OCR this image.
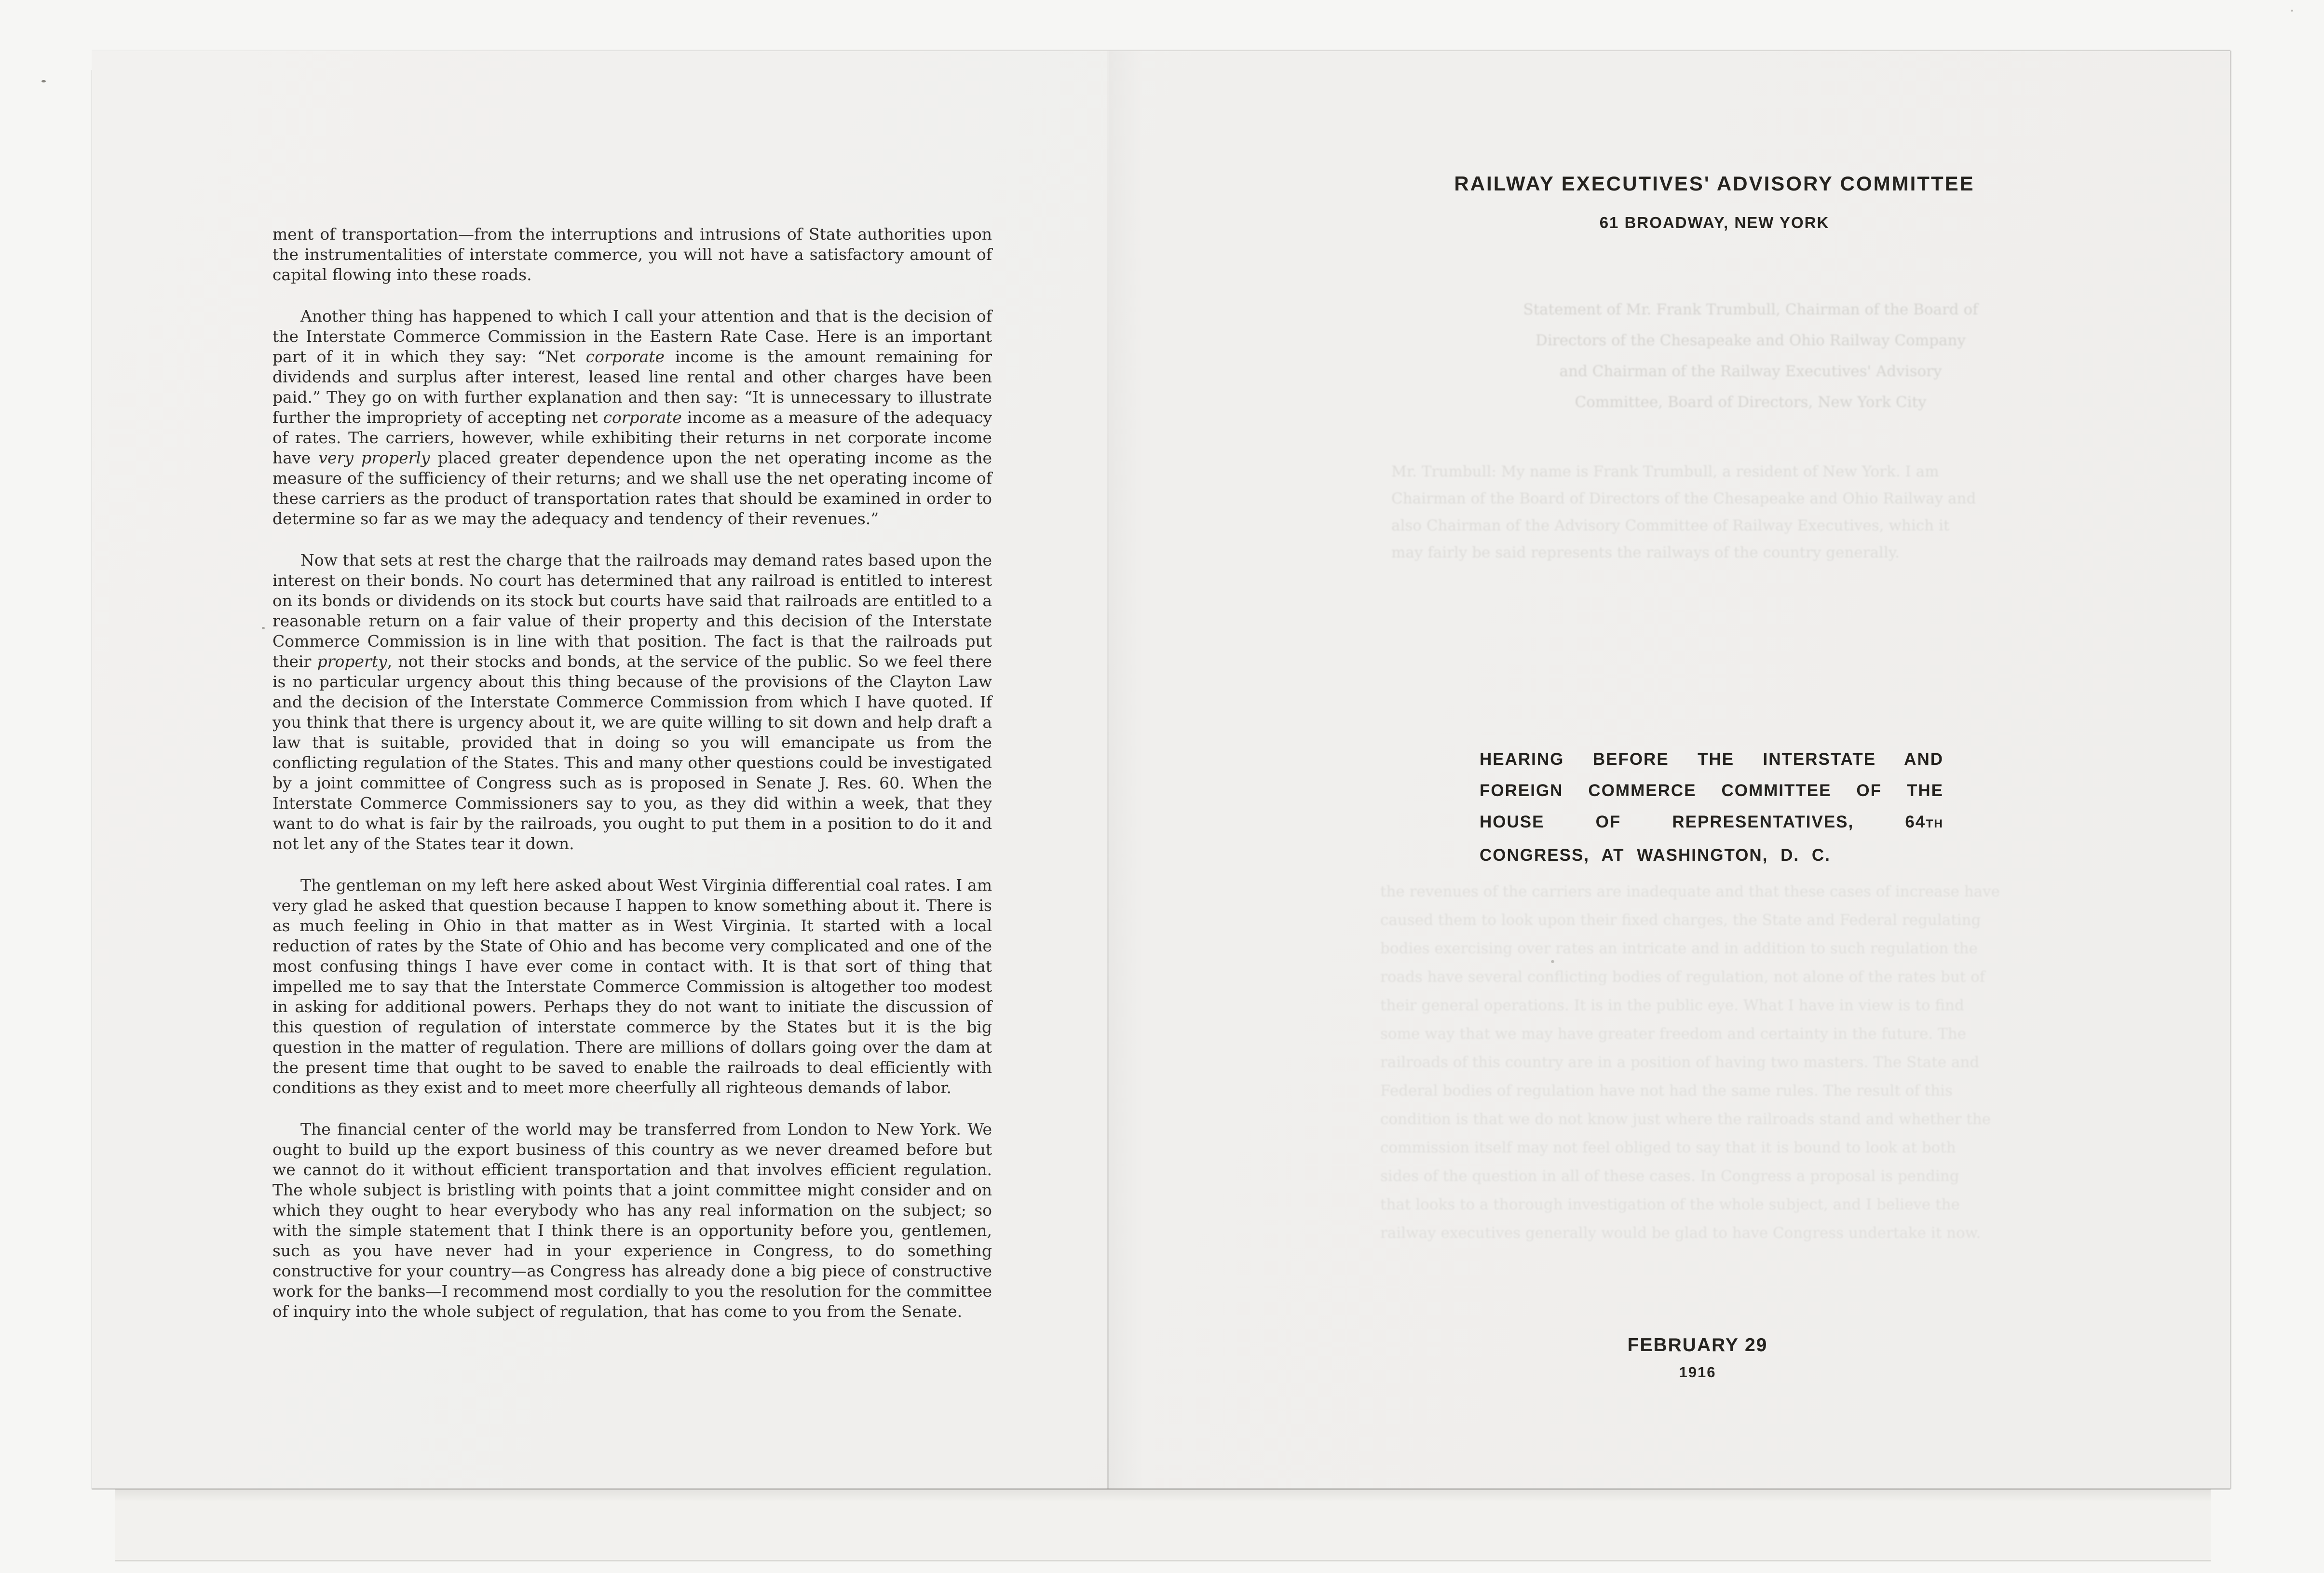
ment of transportation—from the interruptions and intrusions of State authorities upon the instrumentalities of interstate commerce, you will not have a satisfactory amount of capital flowing into these roads.

Another thing has happened to which I call your attention and that is the decision of the Interstate Commerce Commission in the Eastern Rate Case. Here is an important part of it in which they say: “Net corporate income is the amount remaining for dividends and surplus after interest, leased line rental and other charges have been paid.” They go on with further explanation and then say: “It is unnecessary to illustrate further the impropriety of accepting net corporate income as a measure of the adequacy of rates. The carriers, however, while exhibiting their returns in net corporate income have very properly placed greater dependence upon the net operating income as the measure of the sufficiency of their returns; and we shall use the net operating income of these carriers as the product of transportation rates that should be examined in order to determine so far as we may the adequacy and tendency of their revenues.”

Now that sets at rest the charge that the railroads may demand rates based upon the interest on their bonds. No court has determined that any railroad is entitled to interest on its bonds or dividends on its stock but courts have said that railroads are entitled to a reasonable return on a fair value of their property and this decision of the Interstate Commerce Commission is in line with that position. The fact is that the railroads put their property, not their stocks and bonds, at the service of the public. So we feel there is no particular urgency about this thing because of the provisions of the Clayton Law and the decision of the Interstate Commerce Commission from which I have quoted. If you think that there is urgency about it, we are quite willing to sit down and help draft a law that is suitable, provided that in doing so you will emancipate us from the conflicting regulation of the States. This and many other questions could be investigated by a joint committee of Congress such as is proposed in Senate J. Res. 60. When the Interstate Commerce Commissioners say to you, as they did within a week, that they want to do what is fair by the railroads, you ought to put them in a position to do it and not let any of the States tear it down.

The gentleman on my left here asked about West Virginia differential coal rates. I am very glad he asked that question because I happen to know something about it. There is as much feeling in Ohio in that matter as in West Virginia. It started with a local reduction of rates by the State of Ohio and has become very complicated and one of the most confusing things I have ever come in contact with. It is that sort of thing that impelled me to say that the Interstate Commerce Commission is altogether too modest in asking for additional powers. Perhaps they do not want to initiate the discussion of this question of regulation of interstate commerce by the States but it is the big question in the matter of regulation. There are millions of dollars going over the dam at the present time that ought to be saved to enable the railroads to deal efficiently with conditions as they exist and to meet more cheerfully all righteous demands of labor.

The financial center of the world may be transferred from London to New York. We ought to build up the export business of this country as we never dreamed before but we cannot do it without efficient transportation and that involves efficient regulation. The whole subject is bristling with points that a joint committee might consider and on which they ought to hear everybody who has any real information on the subject; so with the simple statement that I think there is an opportunity before you, gentlemen, such as you have never had in your experience in Congress, to do something constructive for your country—as Congress has already done a big piece of constructive work for the banks—I recommend most cordially to you the resolution for the committee of inquiry into the whole subject of regulation, that has come to you from the Senate.

Statement of Mr. Frank Trumbull, Chairman of the Board of
Directors of the Chesapeake and Ohio Railway Company
and Chairman of the Railway Executives' Advisory
Committee, Board of Directors, New York City
Mr. Trumbull: My name is Frank Trumbull, a resident of New York. I am
Chairman of the Board of Directors of the Chesapeake and Ohio Railway and
also Chairman of the Advisory Committee of Railway Executives, which it
may fairly be said represents the railways of the country generally.
the revenues of the carriers are inadequate and that these cases of increase have
caused them to look upon their fixed charges, the State and Federal regulating
bodies exercising over rates an intricate and in addition to such regulation the
roads have several conflicting bodies of regulation, not alone of the rates but of
their general operations. It is in the public eye. What I have in view is to find
some way that we may have greater freedom and certainty in the future. The
railroads of this country are in a position of having two masters. The State and
Federal bodies of regulation have not had the same rules. The result of this
condition is that we do not know just where the railroads stand and whether the
commission itself may not feel obliged to say that it is bound to look at both
sides of the question in all of these cases. In Congress a proposal is pending
that looks to a thorough investigation of the whole subject, and I believe the
railway executives generally would be glad to have Congress undertake it now.
RAILWAY EXECUTIVES' ADVISORY COMMITTEE
61 BROADWAY, NEW YORK
HEARING BEFORE THE INTERSTATE AND
FOREIGN COMMERCE COMMITTEE OF THE
HOUSE OF REPRESENTATIVES, 64TH
CONGRESS, AT WASHINGTON, D. C.
FEBRUARY 29
1916
